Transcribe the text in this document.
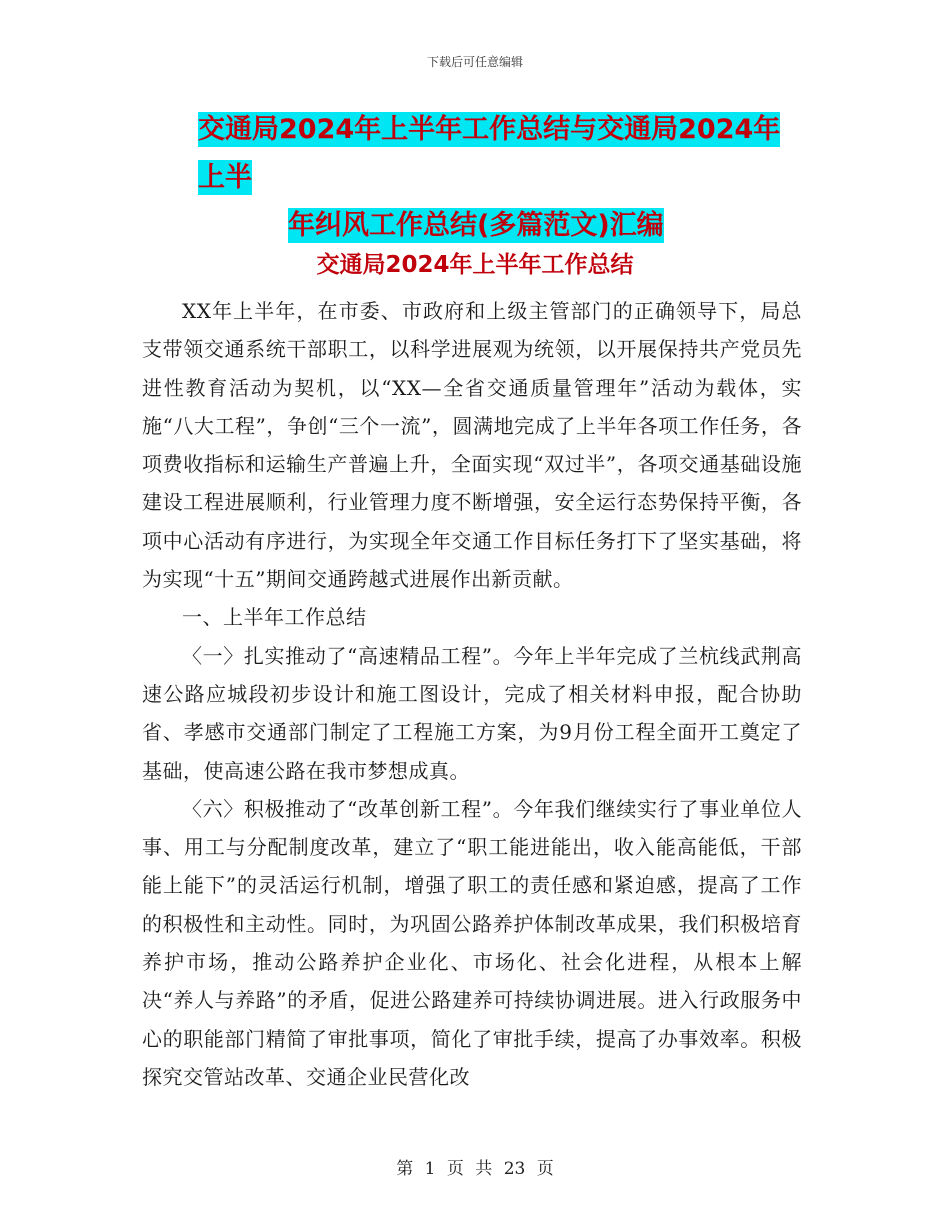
下载后可任意编辑
交通局2024年上半年工作总结与交通局2024年上半
年纠风工作总结(多篇范文)汇编
交通局2024年上半年工作总结

XX年上半年，在市委、市政府和上级主管部门的正确领导下，局总支带领交通系统干部职工，以科学进展观为统领，以开展保持共产党员先进性教育活动为契机，以“XX—全省交通质量管理年”活动为载体，实施“八大工程”，争创“三个一流”，圆满地完成了上半年各项工作任务，各项费收指标和运输生产普遍上升，全面实现“双过半”，各项交通基础设施建设工程进展顺利，行业管理力度不断增强，安全运行态势保持平衡，各项中心活动有序进行，为实现全年交通工作目标任务打下了坚实基础，将为实现“十五”期间交通跨越式进展作出新贡献。

一、上半年工作总结

〈一〉扎实推动了“高速精品工程”。今年上半年完成了兰杭线武荆高速公路应城段初步设计和施工图设计，完成了相关材料申报，配合协助省、孝感市交通部门制定了工程施工方案，为9月份工程全面开工奠定了基础，使高速公路在我市梦想成真。

〈六〉积极推动了“改革创新工程”。今年我们继续实行了事业单位人事、用工与分配制度改革，建立了“职工能进能出，收入能高能低，干部能上能下”的灵活运行机制，增强了职工的责任感和紧迫感，提高了工作的积极性和主动性。同时，为巩固公路养护体制改革成果，我们积极培育养护市场，推动公路养护企业化、市场化、社会化进程，从根本上解决“养人与养路”的矛盾，促进公路建养可持续协调进展。进入行政服务中心的职能部门精简了审批事项，简化了审批手续，提高了办事效率。积极探究交管站改革、交通企业民营化改

第 1 页 共 23 页
